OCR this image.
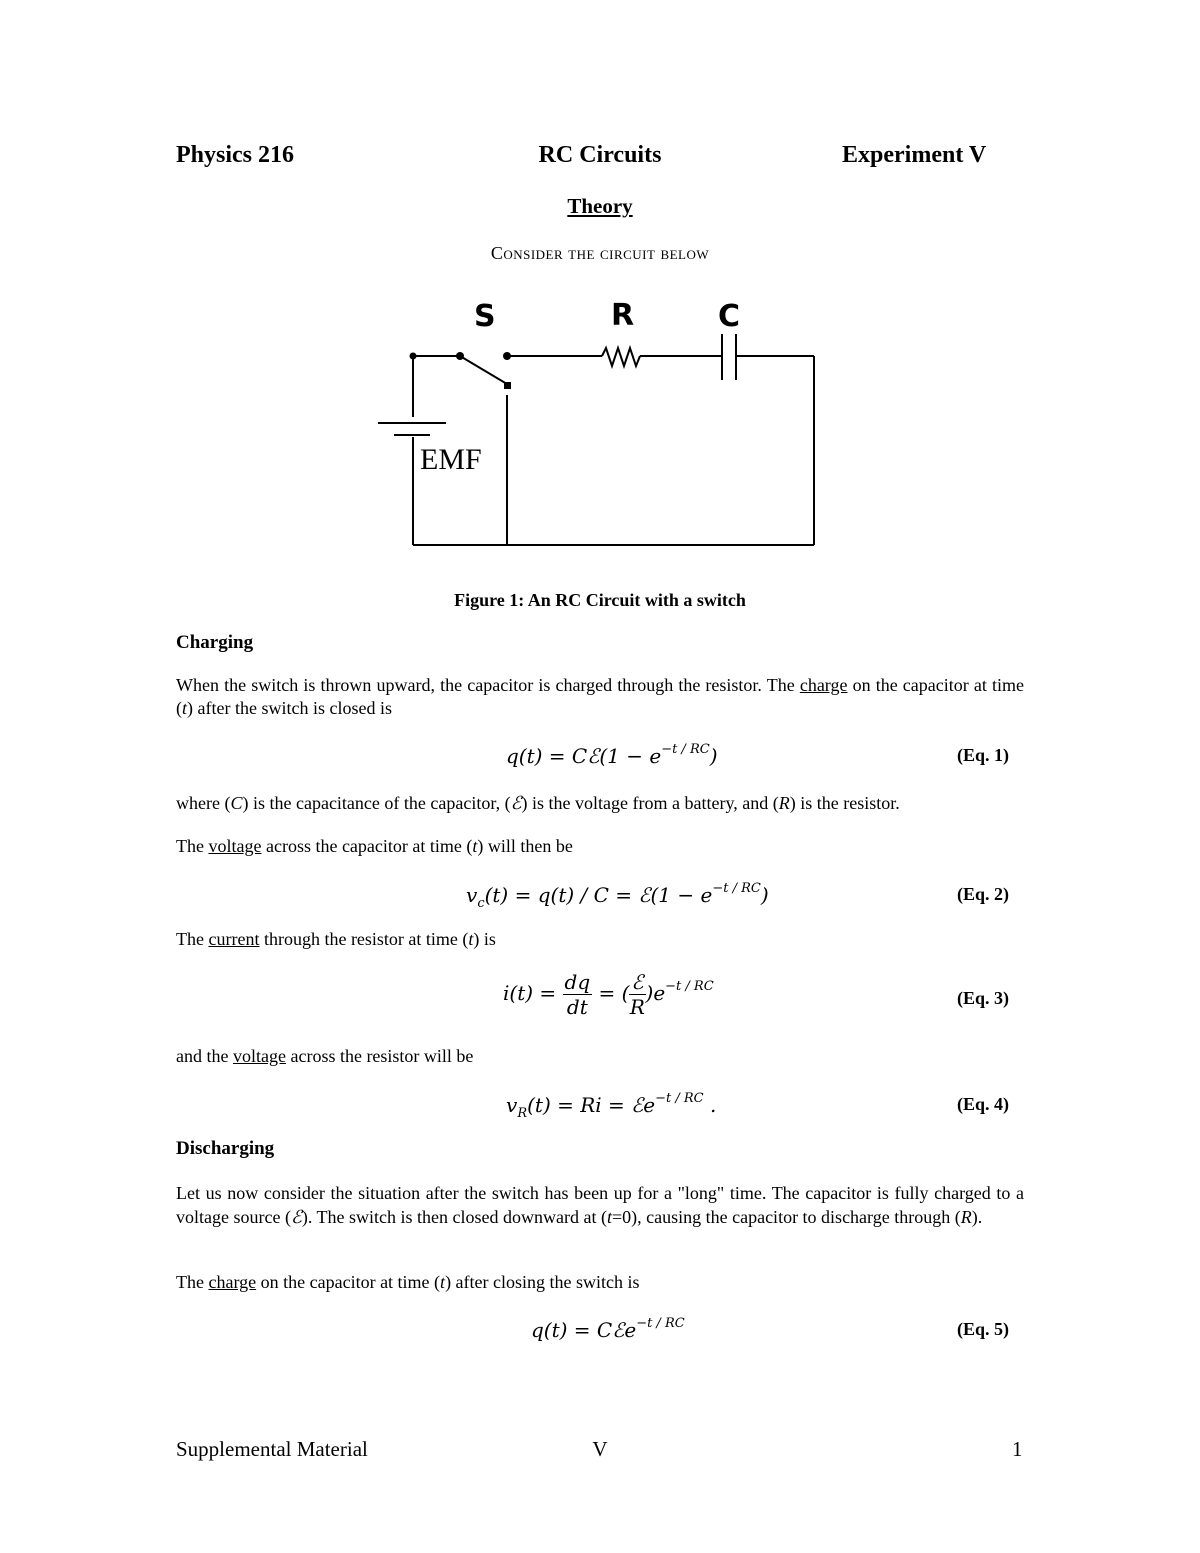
Physics 216	RC Circuits	Experiment V
Theory
Consider the circuit below
S	R	C
EMF
Figure 1: An RC Circuit with a switch
Charging
When the switch is thrown upward, the capacitor is charged through the resistor. The charge on the capacitor at time (t) after the switch is closed is
q(t) = Cℰ(1 − $e^{-t / RC}$)	(Eq. 1)
where (C) is the capacitance of the capacitor, (ℰ) is the voltage from a battery, and (R) is the resistor.
The voltage across the capacitor at time (t) will then be
$v_c(t) = q(t) / C$ = ℰ(1 − $e^{-t / RC}$)	(Eq. 2)
The current through the resistor at time (t) is
$i(t) = \frac{dq}{dt}$ = ( $\frac{\text{ℰ}}{R} )e^{-t / RC}$
(Eq. 3)
and the voltage across the resistor will be
$v_R(t) = Ri$ = ℰe$^{-t / RC}$ .	(Eq. 4)
Discharging
Let us now consider the situation after the switch has been up for a "long" time. The capacitor is fully charged to a voltage source (ℰ). The switch is then closed downward at (t=0), causing the capacitor to discharge through (R).
The charge on the capacitor at time (t) after closing the switch is
q(t) = Cℰe$^{-t / RC}$	(Eq. 5)
Supplemental Material	V	1
